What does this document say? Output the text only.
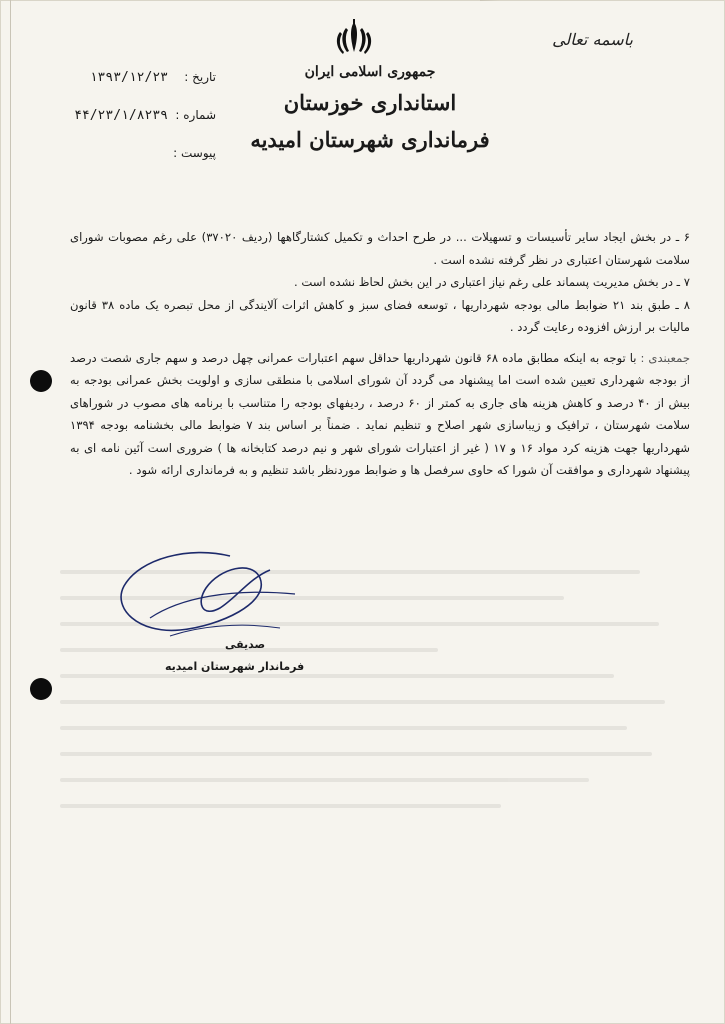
باسمه تعالی
جمهوری اسلامی ایران
استانداری خوزستان
فرمانداری شهرستان امیدیه
تاریخ :
۱۳۹۳/۱۲/۲۳
شماره :
۴۴/۲۳/۱/۸۲۳۹
پیوست :

۶ ـ در بخش ایجاد سایر تأسیسات و تسهیلات ... در طرح احداث و تکمیل کشتارگاهها (ردیف ۳۷۰۲۰) علی رغم مصوبات شورای سلامت شهرستان اعتباری در نظر گرفته نشده است .

۷ ـ در بخش مدیریت پسماند علی رغم نیاز اعتباری در این بخش لحاظ نشده است .

۸ ـ طبق بند ۲۱ ضوابط مالی بودجه شهرداریها ، توسعه فضای سبز و کاهش اثرات آلایندگی از محل تبصره یک ماده ۳۸ قانون مالیات بر ارزش افزوده رعایت گردد .

جمعبندی : با توجه به اینکه مطابق ماده ۶۸ قانون شهرداریها حداقل سهم اعتبارات عمرانی چهل درصد و سهم جاری شصت درصد از بودجه شهرداری تعیین شده است اما پیشنهاد می گردد آن شورای اسلامی با منطقی سازی و اولویت بخش عمرانی بودجه به بیش از ۴۰ درصد و کاهش هزینه های جاری به کمتر از ۶۰ درصد ، ردیفهای بودجه را متناسب با برنامه های مصوب در شوراهای سلامت شهرستان ، ترافیک و زیباسازی شهر اصلاح و تنظیم نماید . ضمناً بر اساس بند ۷ ضوابط مالی بخشنامه بودجه ۱۳۹۴ شهرداریها جهت هزینه کرد مواد ۱۶ و ۱۷ ( غیر از اعتبارات شورای شهر و نیم درصد کتابخانه ها ) ضروری است آئین نامه ای به پیشنهاد شهرداری و موافقت آن شورا که حاوی سرفصل ها و ضوابط موردنظر باشد تنظیم و به فرمانداری ارائه شود .

صدیقی
فرماندار شهرستان امیدیه
